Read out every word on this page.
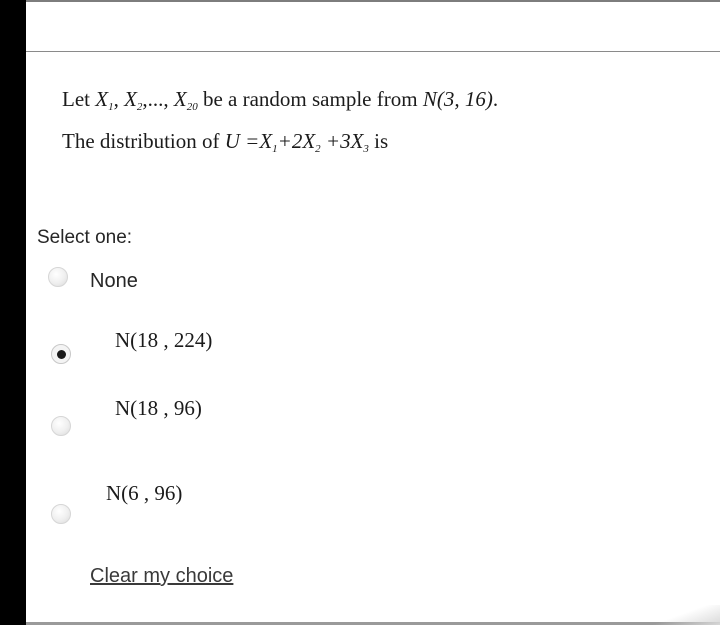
Let $X_1$, $X_2$,..., $X_{20}$ be a random sample from N(3, 16).
The distribution of $U =X_1+2X_2 +3X_3$ is
Select one:
None
N(18 , 224)
N(18 , 96)
N(6 , 96)
Clear my choice
